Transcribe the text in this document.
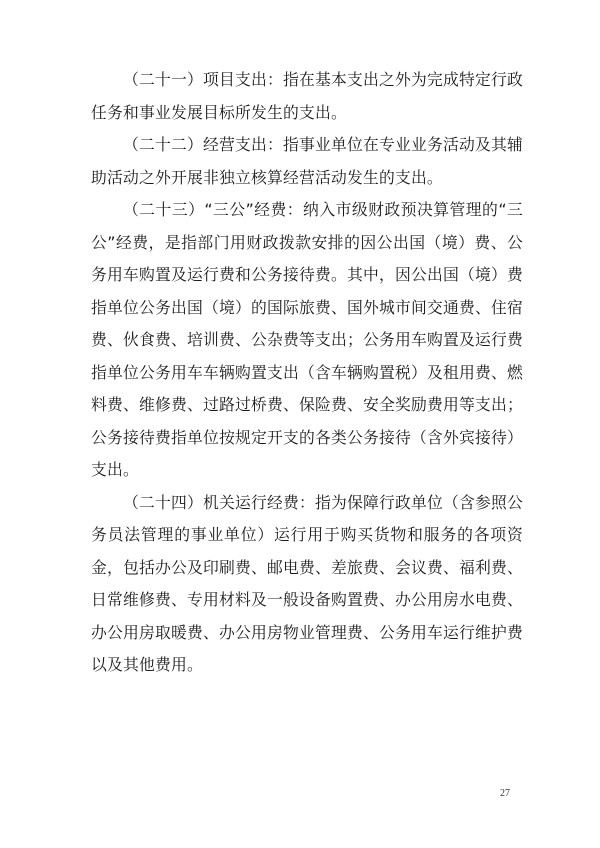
（二十一）项目支出：指在基本支出之外为完成特定行政任务和事业发展目标所发生的支出。

（二十二）经营支出：指事业单位在专业业务活动及其辅助活动之外开展非独立核算经营活动发生的支出。

（二十三）“三公”经费：纳入市级财政预决算管理的“三公”经费，是指部门用财政拨款安排的因公出国（境）费、公务用车购置及运行费和公务接待费。其中，因公出国（境）费指单位公务出国（境）的国际旅费、国外城市间交通费、住宿费、伙食费、培训费、公杂费等支出；公务用车购置及运行费指单位公务用车车辆购置支出（含车辆购置税）及租用费、燃料费、维修费、过路过桥费、保险费、安全奖励费用等支出；公务接待费指单位按规定开支的各类公务接待（含外宾接待）支出。

（二十四）机关运行经费：指为保障行政单位（含参照公务员法管理的事业单位）运行用于购买货物和服务的各项资金，包括办公及印刷费、邮电费、差旅费、会议费、福利费、日常维修费、专用材料及一般设备购置费、办公用房水电费、办公用房取暖费、办公用房物业管理费、公务用车运行维护费以及其他费用。

27
